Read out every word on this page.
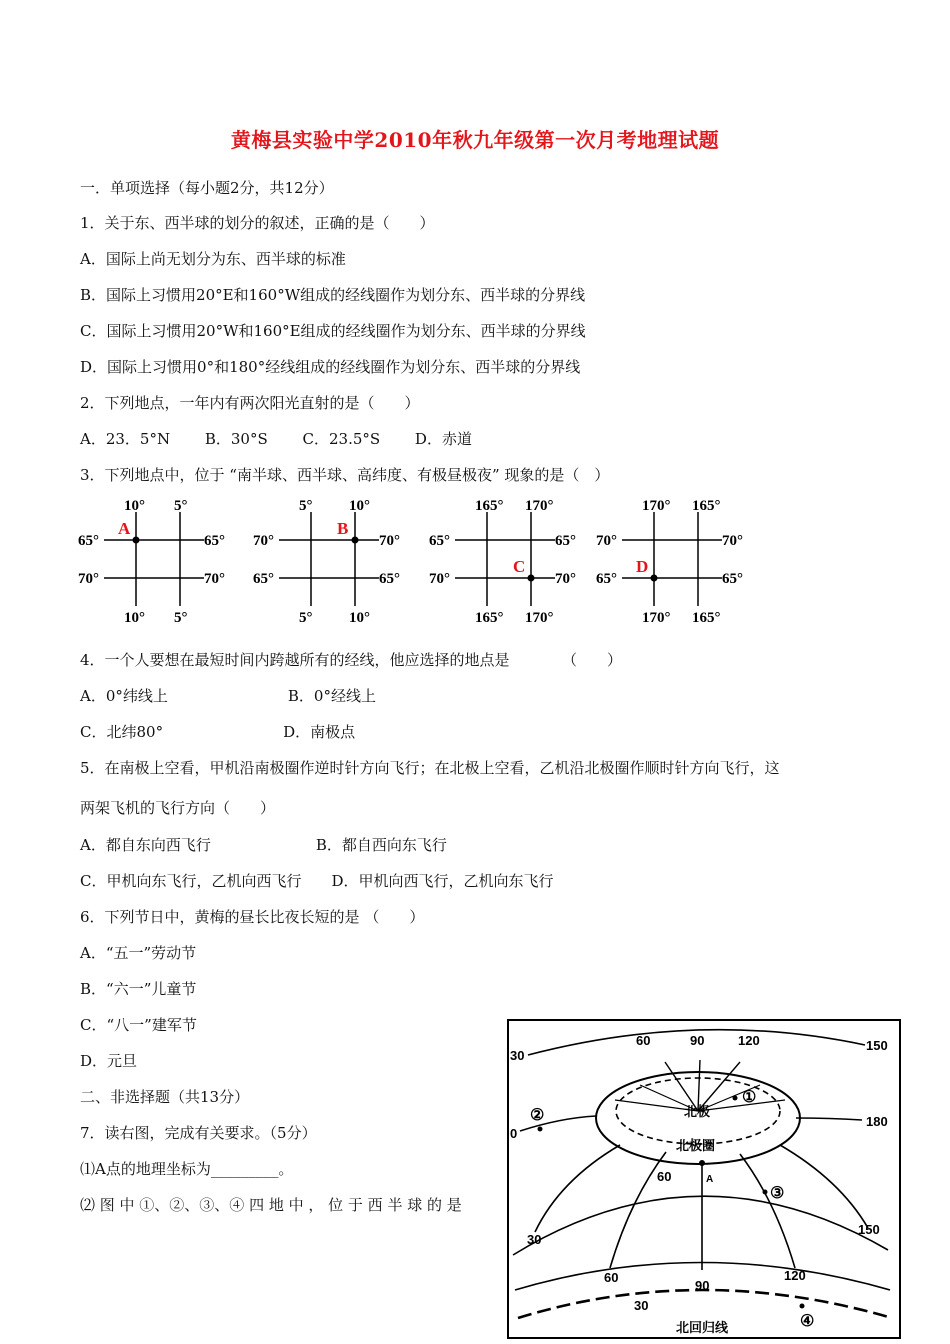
黄梅县实验中学2010年秋九年级第一次月考地理试题
一．单项选择（每小题2分，共12分）
1．关于东、西半球的划分的叙述，正确的是（　　）
A．国际上尚无划分为东、西半球的标准
B．国际上习惯用20°E和160°W组成的经线圈作为划分东、西半球的分界线
C．国际上习惯用20°W和160°E组成的经线圈作为划分东、西半球的分界线
D．国际上习惯用0°和180°经线组成的经线圈作为划分东、西半球的分界线
2．下列地点，一年内有两次阳光直射的是（　　）
A．23．5°N　　 B．30°S　　 C．23.5°S　　 D．赤道
3．下列地点中，位于 “南半球、西半球、高纬度、有极昼极夜” 现象的是（　）
10° 5°
10° 5°
65°
70°
65°
70°
A
5° 10°
5° 10°
70°
65°
70°
65°
B
165° 170°
165° 170°
65°
70°
65°
70°
C
170° 165°
170° 165°
70°
65°
70°
65°
D
4．一个人要想在最短时间内跨越所有的经线，他应选择的地点是　　　　（　　）
A．0°纬线上　　　　　　　　B．0°经线上
C．北纬80°　　　　　　　　D．南极点
5．在南极上空看，甲机沿南极圈作逆时针方向飞行；在北极上空看，乙机沿北极圈作顺时针方向飞行，这
两架飞机的飞行方向（　　）
A．都自东向西飞行　　　　　　　B．都自西向东飞行
C．甲机向东飞行，乙机向西飞行　　D．甲机向西飞行，乙机向东飞行
6．下列节日中，黄梅的昼长比夜长短的是 （　　）
A．“五一”劳动节
B．“六一”儿童节
C．“八一”建军节
D．元旦
二、非选择题（共13分）
7．读右图，完成有关要求。（5分）
⑴A点的地理坐标为_________。
⑵ 图 中 ①、②、③、④ 四 地 中 ， 位 于 西 半 球 的 是
60	90	120	150
30
0
180
北极
北极圈
60	A
30
150
60
90
120
30
北回归线
②
①
③
④
